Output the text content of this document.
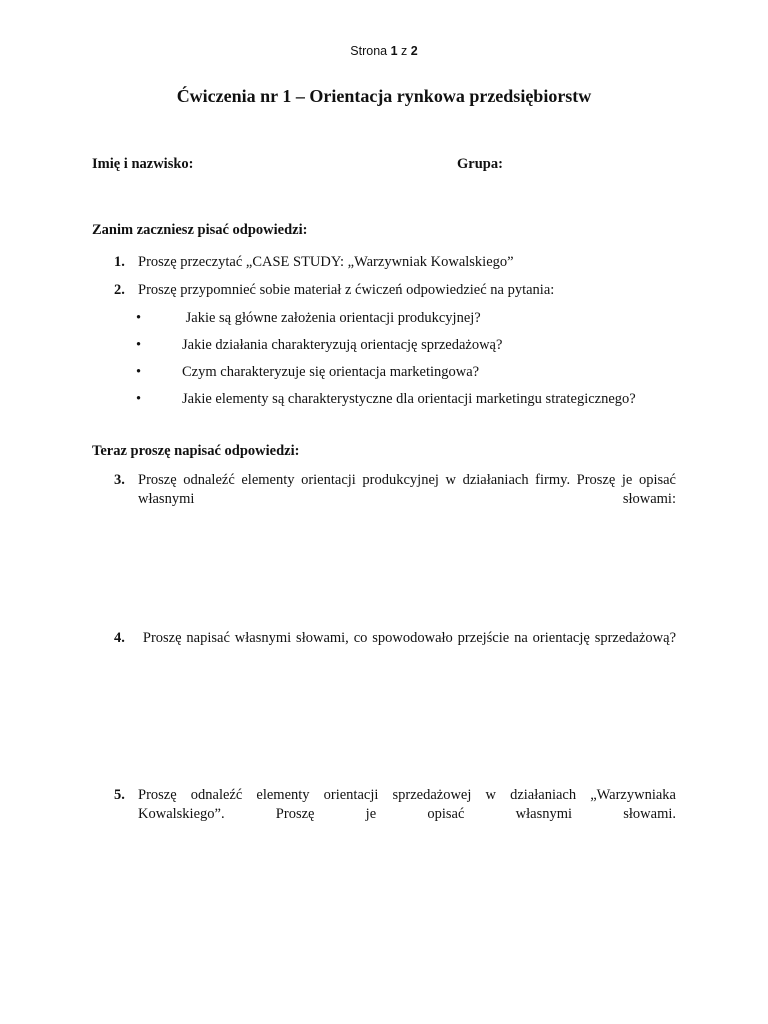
Strona 1 z 2
Ćwiczenia nr 1 – Orientacja rynkowa przedsiębiorstw
Imię i nazwisko:	Grupa:
Zanim zaczniesz pisać odpowiedzi:
1. Proszę przeczytać „CASE STUDY: „Warzywniak Kowalskiego”
2. Proszę przypomnieć sobie materiał z ćwiczeń odpowiedzieć na pytania:
•	Jakie są główne założenia orientacji produkcyjnej?
•	Jakie działania charakteryzują orientację sprzedażową?
•	Czym charakteryzuje się orientacja marketingowa?
•	Jakie elementy są charakterystyczne dla orientacji marketingu strategicznego?
Teraz proszę napisać odpowiedzi:
3. Proszę odnaleźć elementy orientacji produkcyjnej w działaniach firmy. Proszę je opisać własnymi słowami:
4. Proszę napisać własnymi słowami, co spowodowało przejście na orientację sprzedażową?
5. Proszę odnaleźć elementy orientacji sprzedażowej w działaniach „Warzywniaka Kowalskiego”. Proszę je opisać własnymi słowami.
